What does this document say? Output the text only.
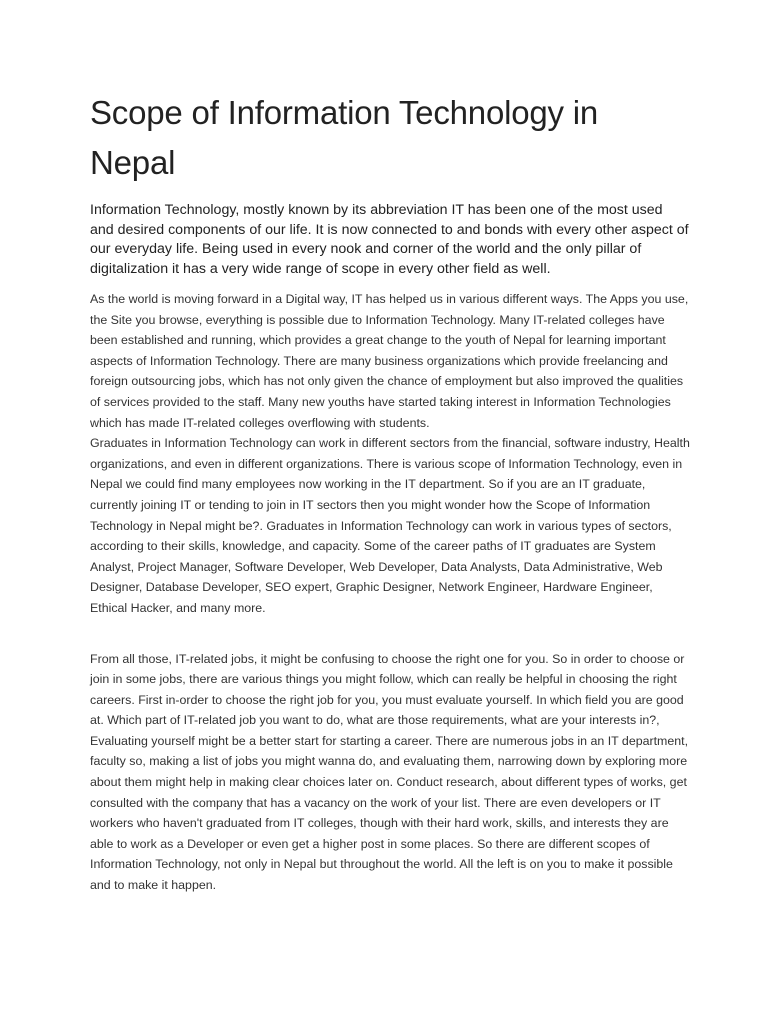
Scope of Information Technology in Nepal

Information Technology, mostly known by its abbreviation IT has been one of the most used and desired components of our life. It is now connected to and bonds with every other aspect of our everyday life. Being used in every nook and corner of the world and the only pillar of digitalization it has a very wide range of scope in every other field as well.

As the world is moving forward in a Digital way, IT has helped us in various different ways. The Apps you use, the Site you browse, everything is possible due to Information Technology. Many IT-related colleges have been established and running, which provides a great change to the youth of Nepal for learning important aspects of Information Technology. There are many business organizations which provide freelancing and foreign outsourcing jobs, which has not only given the chance of employment but also improved the qualities of services provided to the staff. Many new youths have started taking interest in Information Technologies which has made IT-related colleges overflowing with students.

Graduates in Information Technology can work in different sectors from the financial, software industry, Health organizations, and even in different organizations. There is various scope of Information Technology, even in Nepal we could find many employees now working in the IT department. So if you are an IT graduate, currently joining IT or tending to join in IT sectors then you might wonder how the Scope of Information Technology in Nepal might be?. Graduates in Information Technology can work in various types of sectors, according to their skills, knowledge, and capacity. Some of the career paths of IT graduates are System Analyst, Project Manager, Software Developer, Web Developer, Data Analysts, Data Administrative, Web Designer, Database Developer, SEO expert, Graphic Designer, Network Engineer, Hardware Engineer, Ethical Hacker, and many more.

From all those, IT-related jobs, it might be confusing to choose the right one for you. So in order to choose or join in some jobs, there are various things you might follow, which can really be helpful in choosing the right careers. First in-order to choose the right job for you, you must evaluate yourself. In which field you are good at. Which part of IT-related job you want to do, what are those requirements, what are your interests in?, Evaluating yourself might be a better start for starting a career. There are numerous jobs in an IT department, faculty so, making a list of jobs you might wanna do, and evaluating them, narrowing down by exploring more about them might help in making clear choices later on. Conduct research, about different types of works, get consulted with the company that has a vacancy on the work of your list. There are even developers or IT workers who haven't graduated from IT colleges, though with their hard work, skills, and interests they are able to work as a Developer or even get a higher post in some places. So there are different scopes of Information Technology, not only in Nepal but throughout the world. All the left is on you to make it possible and to make it happen.
